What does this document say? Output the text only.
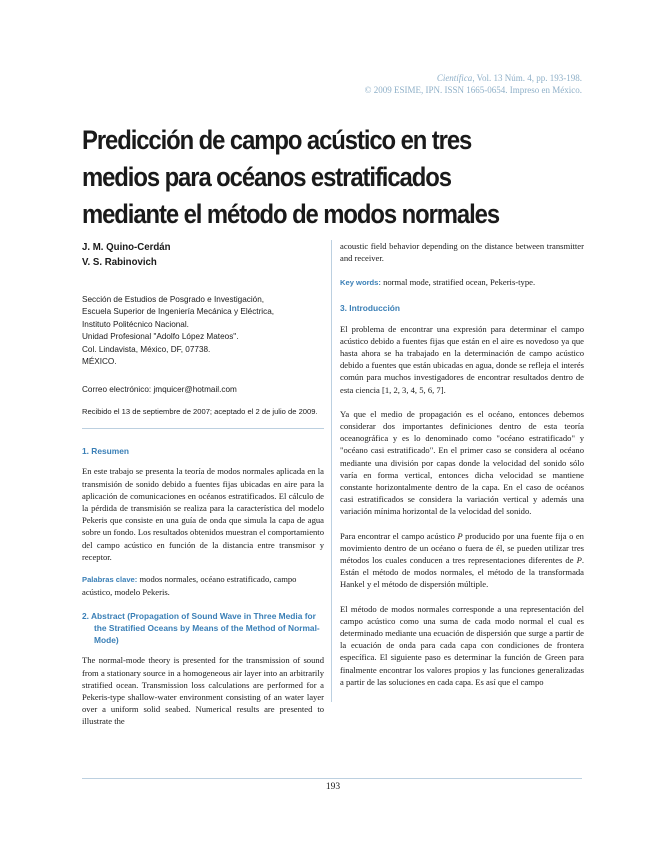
Científica, Vol. 13 Núm. 4, pp. 193-198.
© 2009 ESIME, IPN. ISSN 1665-0654. Impreso en México.
Predicción de campo acústico en tres medios para océanos estratificados mediante el método de modos normales
J. M. Quino-Cerdán
V. S. Rabinovich
Sección de Estudios de Posgrado e Investigación,
Escuela Superior de Ingeniería Mecánica y Eléctrica,
Instituto Politécnico Nacional.
Unidad Profesional "Adolfo López Mateos".
Col. Lindavista, México, DF, 07738.
MÉXICO.
Correo electrónico: jmquicer@hotmail.com
Recibido el 13 de septiembre de 2007; aceptado el 2 de julio de 2009.
1. Resumen

En este trabajo se presenta la teoría de modos normales aplicada en la transmisión de sonido debido a fuentes fijas ubicadas en aire para la aplicación de comunicaciones en océanos estratificados. El cálculo de la pérdida de transmisión se realiza para la característica del modelo Pekeris que consiste en una guía de onda que simula la capa de agua sobre un fondo. Los resultados obtenidos muestran el comportamiento del campo acústico en función de la distancia entre transmisor y receptor.

Palabras clave: modos normales, océano estratificado, campo acústico, modelo Pekeris.

2. Abstract (Propagation of Sound Wave in Three Media for the Stratified Oceans by Means of the Method of Normal-Mode)

The normal-mode theory is presented for the transmission of sound from a stationary source in a homogeneous air layer into an arbitrarily stratified ocean. Transmission loss calculations are performed for a Pekeris-type shallow-water environment consisting of an water layer over a uniform solid seabed. Numerical results are presented to illustrate the

acoustic field behavior depending on the distance between transmitter and receiver.

Key words: normal mode, stratified ocean, Pekeris-type.

3. Introducción

El problema de encontrar una expresión para determinar el campo acústico debido a fuentes fijas que están en el aire es novedoso ya que hasta ahora se ha trabajado en la determinación de campo acústico debido a fuentes que están ubicadas en agua, donde se refleja el interés común para muchos investigadores de encontrar resultados dentro de esta ciencia [1, 2, 3, 4, 5, 6, 7].

Ya que el medio de propagación es el océano, entonces debemos considerar dos importantes definiciones dentro de esta teoría oceanográfica y es lo denominado como "océano estratificado" y "océano casi estratificado". En el primer caso se considera al océano mediante una división por capas donde la velocidad del sonido sólo varía en forma vertical, entonces dicha velocidad se mantiene constante horizontalmente dentro de la capa. En el caso de océanos casi estratificados se considera la variación vertical y además una variación mínima horizontal de la velocidad del sonido.

Para encontrar el campo acústico P producido por una fuente fija o en movimiento dentro de un océano o fuera de él, se pueden utilizar tres métodos los cuales conducen a tres representaciones diferentes de P. Están el método de modos normales, el método de la transformada Hankel y el método de dispersión múltiple.

El método de modos normales corresponde a una representación del campo acústico como una suma de cada modo normal el cual es determinado mediante una ecuación de dispersión que surge a partir de la ecuación de onda para cada capa con condiciones de frontera específica. El siguiente paso es determinar la función de Green para finalmente encontrar los valores propios y las funciones generalizadas a partir de las soluciones en cada capa. Es así que el campo

193
